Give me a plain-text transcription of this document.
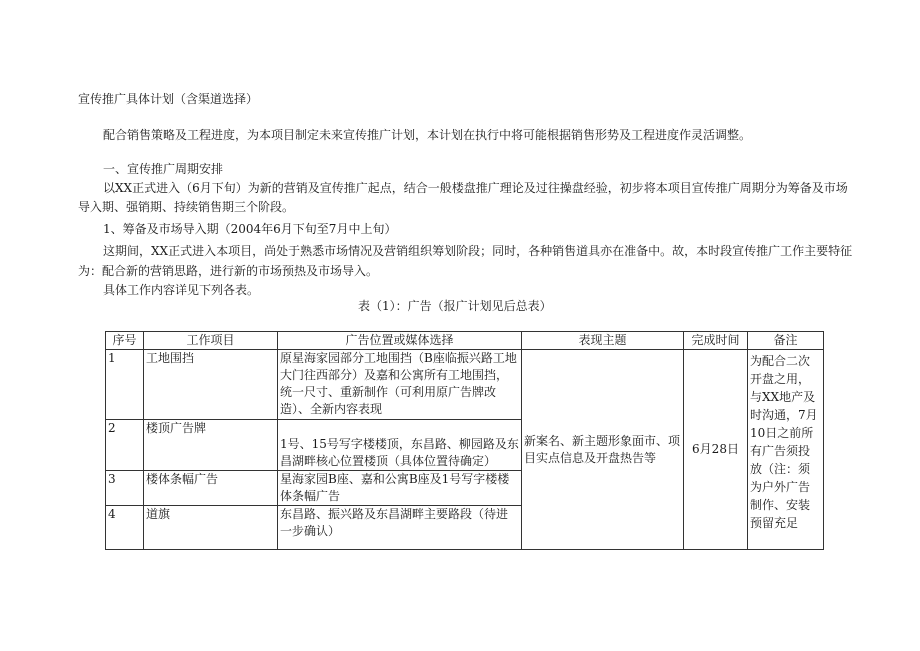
宣传推广具体计划（含渠道选择）
配合销售策略及工程进度，为本项目制定未来宣传推广计划，本计划在执行中将可能根据销售形势及工程进度作灵活调整。
一、宣传推广周期安排
以XX正式进入（6月下旬）为新的营销及宣传推广起点，结合一般楼盘推广理论及过往操盘经验，初步将本项目宣传推广周期分为筹备及市场
导入期、强销期、持续销售期三个阶段。
1、筹备及市场导入期（2004年6月下旬至7月中上旬）
这期间，XX正式进入本项目，尚处于熟悉市场情况及营销组织筹划阶段；同时，各种销售道具亦在准备中。故，本时段宣传推广工作主要特征
为：配合新的营销思路，进行新的市场预热及市场导入。
具体工作内容详见下列各表。
表（1）：广告（报广计划见后总表）
序号	工作项目	广告位置或媒体选择	表现主题	完成时间	备注
1	工地围挡	原星海家园部分工地围挡（B座临振兴路工地大门往西部分）及嘉和公寓所有工地围挡，统一尺寸、重新制作（可利用原广告牌改造）、全新内容表现	新案名、新主题形象面市、项目实点信息及开盘热告等	6月28日	为配合二次开盘之用，与XX地产及时沟通，7月10日之前所有广告须投放（注：须为户外广告制作、安装预留充足
2	楼顶广告牌	1号、15号写字楼楼顶，东昌路、柳园路及东昌湖畔核心位置楼顶（具体位置待确定）			
3	楼体条幅广告	星海家园B座、嘉和公寓B座及1号写字楼楼体条幅广告			
4	道旗	东昌路、振兴路及东昌湖畔主要路段（待进一步确认）			
